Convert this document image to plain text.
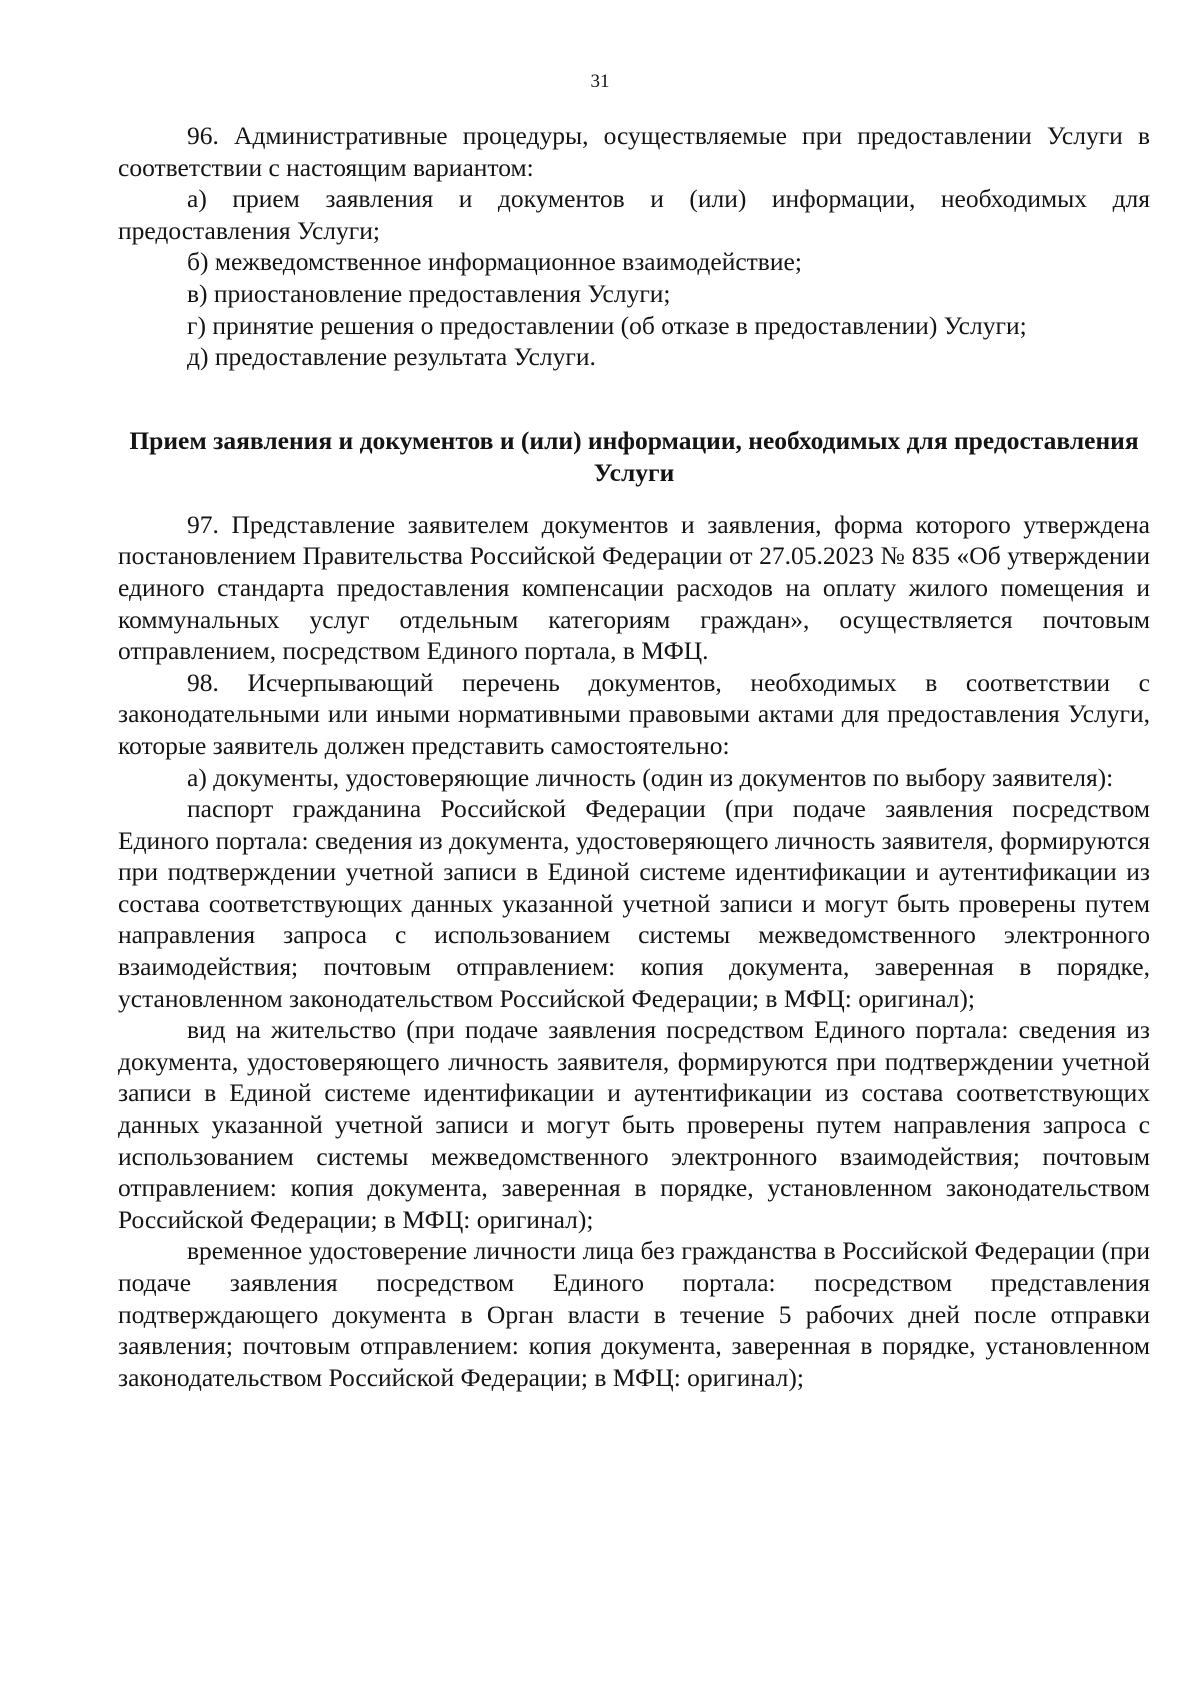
31

96. Административные процедуры, осуществляемые при предоставлении Услуги в соответствии с настоящим вариантом:

а) прием заявления и документов и (или) информации, необходимых для предоставления Услуги;

б) межведомственное информационное взаимодействие;

в) приостановление предоставления Услуги;

г) принятие решения о предоставлении (об отказе в предоставлении) Услуги;

д) предоставление результата Услуги.

Прием заявления и документов и (или) информации, необходимых для предоставления Услуги

97. Представление заявителем документов и заявления, форма которого утверждена постановлением Правительства Российской Федерации от 27.05.2023 № 835 «Об утверждении единого стандарта предоставления компенсации расходов на оплату жилого помещения и коммунальных услуг отдельным категориям граждан», осуществляется почтовым отправлением, посредством Единого портала, в МФЦ.

98. Исчерпывающий перечень документов, необходимых в соответствии с законодательными или иными нормативными правовыми актами для предоставления Услуги, которые заявитель должен представить самостоятельно:

а) документы, удостоверяющие личность (один из документов по выбору заявителя):

паспорт гражданина Российской Федерации (при подаче заявления посредством Единого портала: сведения из документа, удостоверяющего личность заявителя, формируются при подтверждении учетной записи в Единой системе идентификации и аутентификации из состава соответствующих данных указанной учетной записи и могут быть проверены путем направления запроса с использованием системы межведомственного электронного взаимодействия; почтовым отправлением: копия документа, заверенная в порядке, установленном законодательством Российской Федерации; в МФЦ: оригинал);

вид на жительство (при подаче заявления посредством Единого портала: сведения из документа, удостоверяющего личность заявителя, формируются при подтверждении учетной записи в Единой системе идентификации и аутентификации из состава соответствующих данных указанной учетной записи и могут быть проверены путем направления запроса с использованием системы межведомственного электронного взаимодействия; почтовым отправлением: копия документа, заверенная в порядке, установленном законодательством Российской Федерации; в МФЦ: оригинал);

временное удостоверение личности лица без гражданства в Российской Федерации (при подаче заявления посредством Единого портала: посредством представления подтверждающего документа в Орган власти в течение 5 рабочих дней после отправки заявления; почтовым отправлением: копия документа, заверенная в порядке, установленном законодательством Российской Федерации; в МФЦ: оригинал);
